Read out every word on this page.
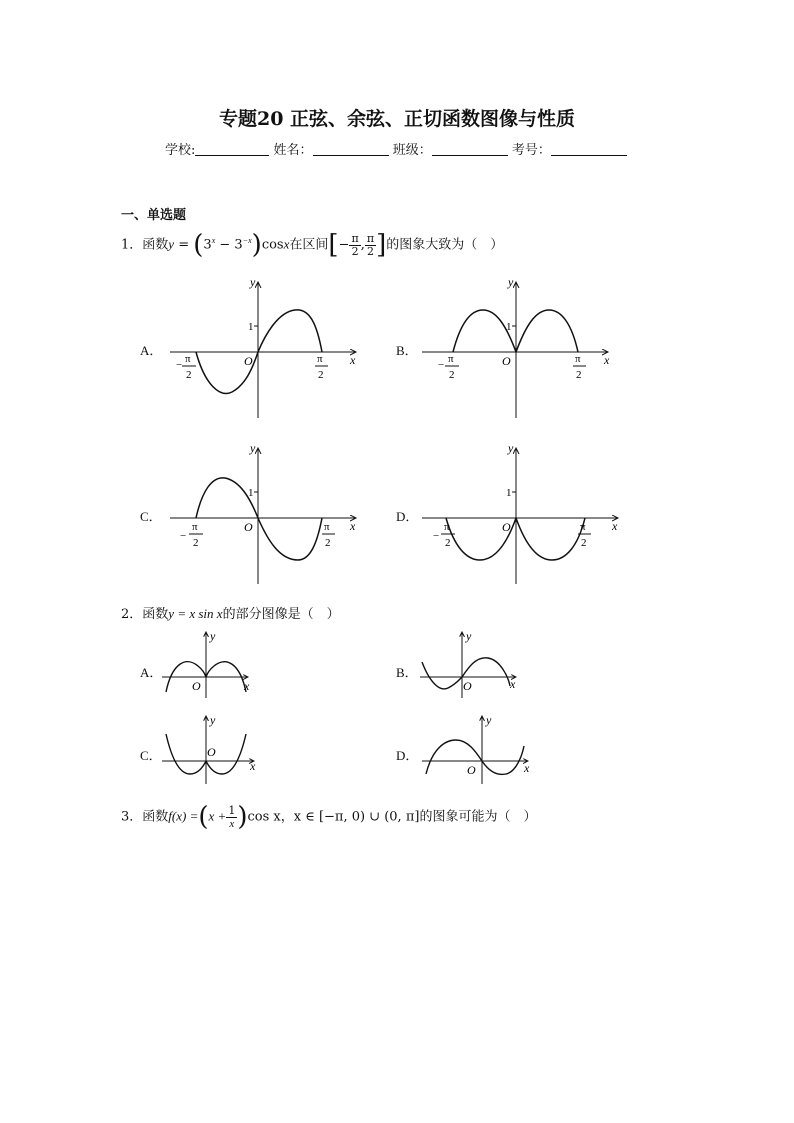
专题20 正弦、余弦、正切函数图像与性质
学校:	姓名：	班级：	考号：
一、单选题
1．函数$y = (3^x - 3^{-x})\cos x$在区间[− $\frac{\pi}{2}$ , $\frac{\pi}{2}$ ]的图象大致为（　）
A．	B．
C．	D．
1
O	x
y
− π
2
π
2
1
O	x
y
− π
2
π
2
1
O	x
y
−
π
2
π
2
1
O	x
y
−
π
2
π
2
2．函数y = x sin x的部分图像是（　）
A．	B．
C．	D．
O	x
y
O	x
y
O
x
y
O	x
y
3．函数$f(x) =(x + \frac{1}{x} )\cos$ x，x ∈ [−π, 0) ∪ (0, π]的图象可能为（　）
